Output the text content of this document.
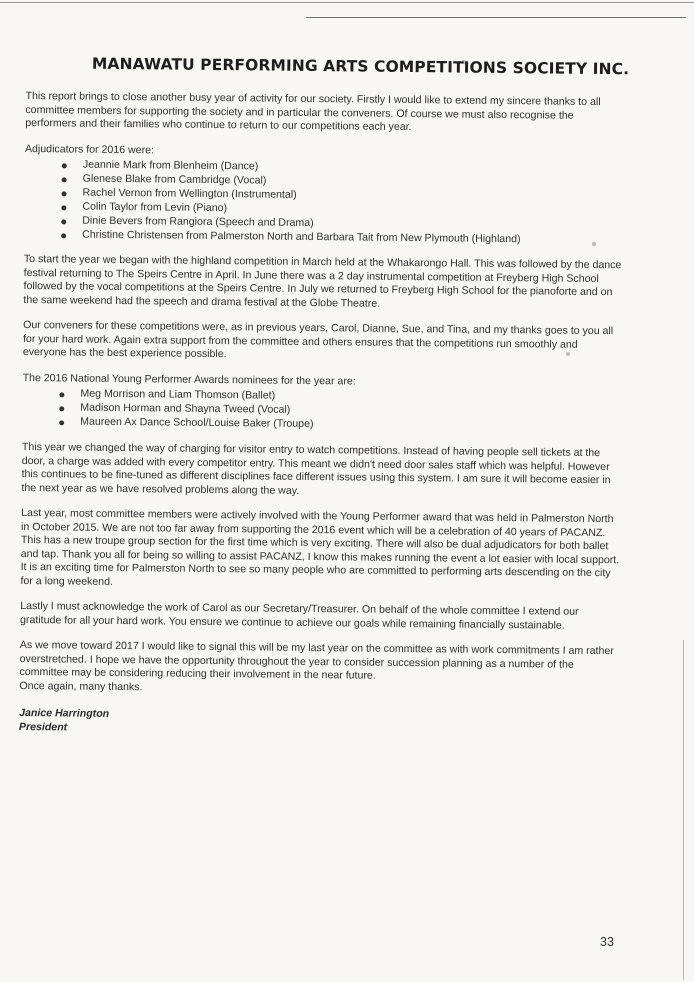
MANAWATU PERFORMING ARTS COMPETITIONS SOCIETY INC.

This report brings to close another busy year of activity for our society. Firstly I would like to extend my sincere thanks to all committee members for supporting the society and in particular the conveners. Of course we must also recognise the performers and their families who continue to return to our competitions each year.

Adjudicators for 2016 were:

Jeannie Mark from Blenheim (Dance)
Glenese Blake from Cambridge (Vocal)
Rachel Vernon from Wellington (Instrumental)
Colin Taylor from Levin (Piano)
Dinie Bevers from Rangiora (Speech and Drama)
Christine Christensen from Palmerston North and Barbara Tait from New Plymouth (Highland)

To start the year we began with the highland competition in March held at the Whakarongo Hall. This was followed by the dance festival returning to The Speirs Centre in April. In June there was a 2 day instrumental competition at Freyberg High School followed by the vocal competitions at the Speirs Centre. In July we returned to Freyberg High School for the pianoforte and on the same weekend had the speech and drama festival at the Globe Theatre.

Our conveners for these competitions were, as in previous years, Carol, Dianne, Sue, and Tina, and my thanks goes to you all for your hard work. Again extra support from the committee and others ensures that the competitions run smoothly and everyone has the best experience possible.

The 2016 National Young Performer Awards nominees for the year are:

Meg Morrison and Liam Thomson (Ballet)
Madison Horman and Shayna Tweed (Vocal)
Maureen Ax Dance School/Louise Baker (Troupe)

This year we changed the way of charging for visitor entry to watch competitions. Instead of having people sell tickets at the door, a charge was added with every competitor entry. This meant we didn't need door sales staff which was helpful. However this continues to be fine-tuned as different disciplines face different issues using this system. I am sure it will become easier in the next year as we have resolved problems along the way.

Last year, most committee members were actively involved with the Young Performer award that was held in Palmerston North in October 2015. We are not too far away from supporting the 2016 event which will be a celebration of 40 years of PACANZ. This has a new troupe group section for the first time which is very exciting. There will also be dual adjudicators for both ballet and tap. Thank you all for being so willing to assist PACANZ, I know this makes running the event a lot easier with local support. It is an exciting time for Palmerston North to see so many people who are committed to performing arts descending on the city for a long weekend.

Lastly I must acknowledge the work of Carol as our Secretary/Treasurer. On behalf of the whole committee I extend our gratitude for all your hard work. You ensure we continue to achieve our goals while remaining financially sustainable.

As we move toward 2017 I would like to signal this will be my last year on the committee as with work commitments I am rather overstretched. I hope we have the opportunity throughout the year to consider succession planning as a number of the committee may be considering reducing their involvement in the near future.

Once again, many thanks.

Janice Harrington
President
33
